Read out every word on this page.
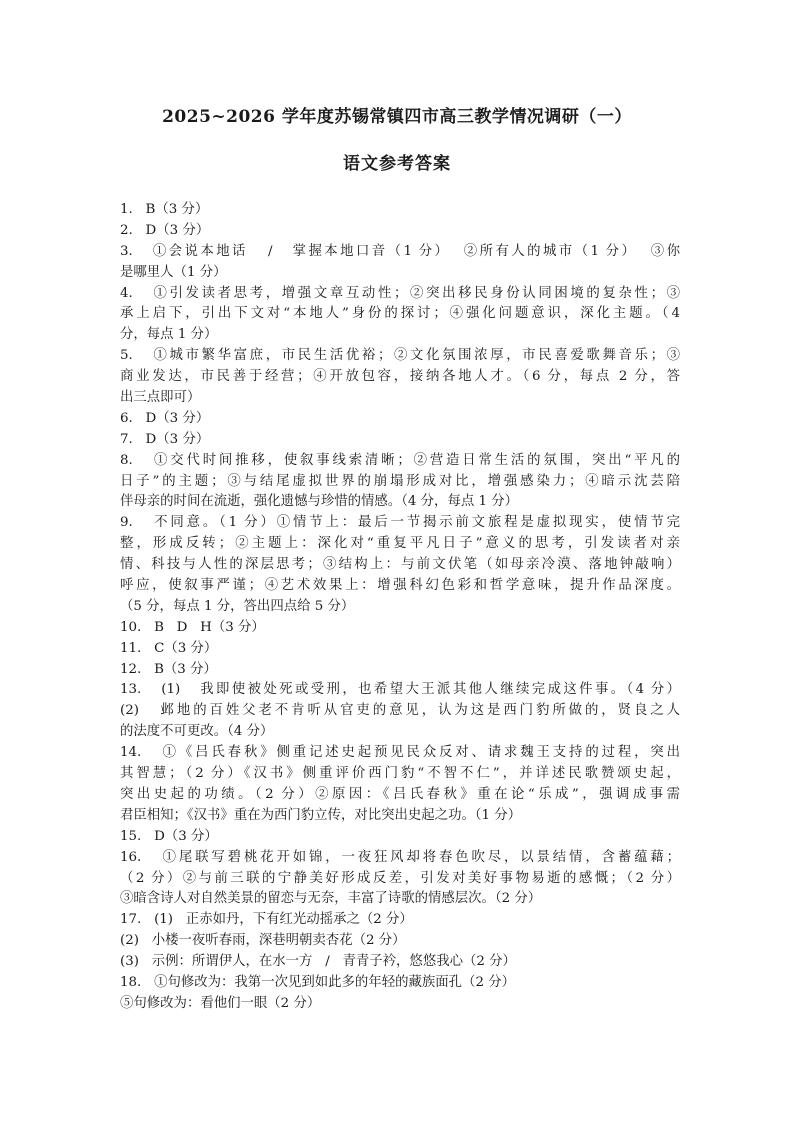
2025~2026 学年度苏锡常镇四市高三教学情况调研（一）
语文参考答案
1.   B（3 分）
2.   D（3 分）
3.   ①会说本地话   /   掌握本地口音（1 分）  ②所有人的城市（1 分）  ③你
是哪里人（1 分）
4.   ①引发读者思考，增强文章互动性；②突出移民身份认同困境的复杂性；③
承上启下，引出下文对“本地人”身份的探讨；④强化问题意识，深化主题。（4
分，每点 1 分）
5.   ①城市繁华富庶，市民生活优裕；②文化氛围浓厚，市民喜爱歌舞音乐；③
商业发达，市民善于经营；④开放包容，接纳各地人才。（6 分，每点 2 分，答
出三点即可）
6.   D（3 分）
7.   D（3 分）
8.   ①交代时间推移，使叙事线索清晰；②营造日常生活的氛围，突出“平凡的
日子”的主题；③与结尾虚拟世界的崩塌形成对比，增强感染力；④暗示沈芸陪
伴母亲的时间在流逝，强化遗憾与珍惜的情感。（4 分，每点 1 分）
9.   不同意。（1 分）①情节上：最后一节揭示前文旅程是虚拟现实，使情节完
整，形成反转；②主题上：深化对“重复平凡日子”意义的思考，引发读者对亲
情、科技与人性的深层思考；③结构上：与前文伏笔（如母亲冷漠、落地钟敲响）
呼应，使叙事严谨；④艺术效果上：增强科幻色彩和哲学意味，提升作品深度。
（5 分，每点 1 分，答出四点给 5 分）
10.   B   D   H（3 分）
11.   C（3 分）
12.   B（3 分）
13.   (1)   我即使被处死或受刑，也希望大王派其他人继续完成这件事。（4 分）
(2)   邺地的百姓父老不肯听从官吏的意见，认为这是西门豹所做的，贤良之人
的法度不可更改。（4 分）
14.   ①《吕氏春秋》侧重记述史起预见民众反对、请求魏王支持的过程，突出
其智慧；（2 分）《汉书》侧重评价西门豹“不智不仁”，并详述民歌赞颂史起，
突出史起的功绩。（2 分）②原因：《吕氏春秋》重在论“乐成”，强调成事需
君臣相知；《汉书》重在为西门豹立传，对比突出史起之功。（1 分）
15.   D（3 分）
16.   ①尾联写碧桃花开如锦，一夜狂风却将春色吹尽，以景结情，含蓄蕴藉；
（2 分）②与前三联的宁静美好形成反差，引发对美好事物易逝的感慨；（2 分）
③暗含诗人对自然美景的留恋与无奈，丰富了诗歌的情感层次。（2 分）
17.   (1)   正赤如丹，下有红光动摇承之（2 分）
(2)   小楼一夜听春雨，深巷明朝卖杏花（2 分）
(3)   示例：所谓伊人，在水一方   /   青青子衿，悠悠我心（2 分）
18.   ①句修改为：我第一次见到如此多的年轻的藏族面孔（2 分）
⑤句修改为：看他们一眼（2 分）
